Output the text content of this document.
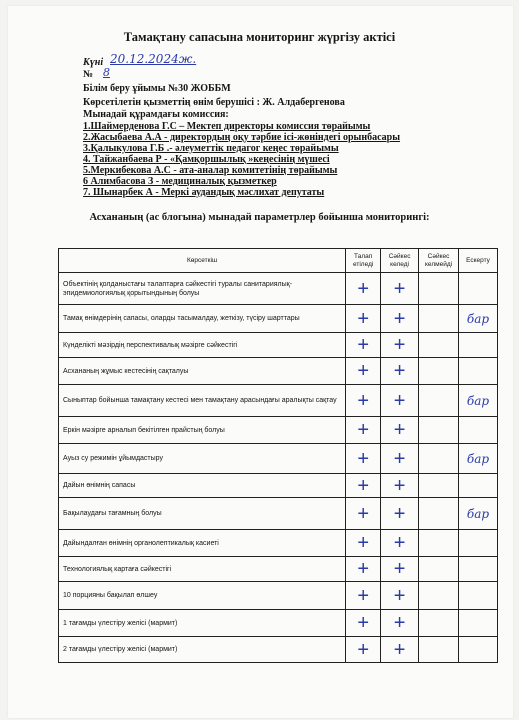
Тамақтану сапасына мониторинг жүргізу актісі
Күні 20.12.2024ж.
№ 8
Білім беру ұйымы №30 ЖОББМ
Көрсетілетін қызметтің өнім берушісі : Ж. Алдабергенова
Мынадай құрамдағы комиссия:
1.Шаймерденова Г.С – Мектеп директоры комиссия төрайымы
2.Жасыбаева А.А - директордың оқу тәрбие ісі-жөніндегі орынбасары
3.Қалыкулова Г.Б .- әлеуметтік педагог кеңес төрайымы
4. Тайжанбаева Р - «Қамқоршылық »кеңесінің мүшесі
5.Меркибекова А.С - ата-аналар комитетінің төрайымы
6 Алимбасова З - медициналық қызметкер
7. Шынарбек А - Меркі аудандық мәслихат депутаты
Асхананың (ас блогына) мынадай параметрлер бойынша мониторингі:
Көрсеткіш	Талап етіледі	Сәйкес келеді	Сәйкес келмейді	Ескерту
Объектінің қолданыстағы талаптарға сәйкестігі туралы санитариялық-эпидемиологиялық қорытындының болуы	+	+		
Тамақ өнімдерінің сапасы, оларды тасымалдау, жеткізу, түсіру шарттары	+	+		бар
Күнделікті мәзірдің перспективалық мәзірге сәйкестігі	+	+		
Асхананың жұмыс кестесінің сақталуы	+	+		
Сыныптар бойынша тамақтану кестесі мен тамақтану арасындағы аралықты сақтау	+	+		бар
Еркін мәзірге арналып бекітілген прайстың болуы	+	+		
Ауыз су режимін ұйымдастыру	+	+		бар
Дайын өнімнің сапасы	+	+		
Бақылаудағы тағамның болуы	+	+		бар
Дайындалған өнімнің органолептикалық касиеті	+	+		
Технологиялық картаға сәйкестігі	+	+		
10 порцияны бақылап өлшеу	+	+		
1 тағамды үлестіру желісі (мармит)	+	+		
2 тағамды үлестіру желісі (мармит)	+	+		
